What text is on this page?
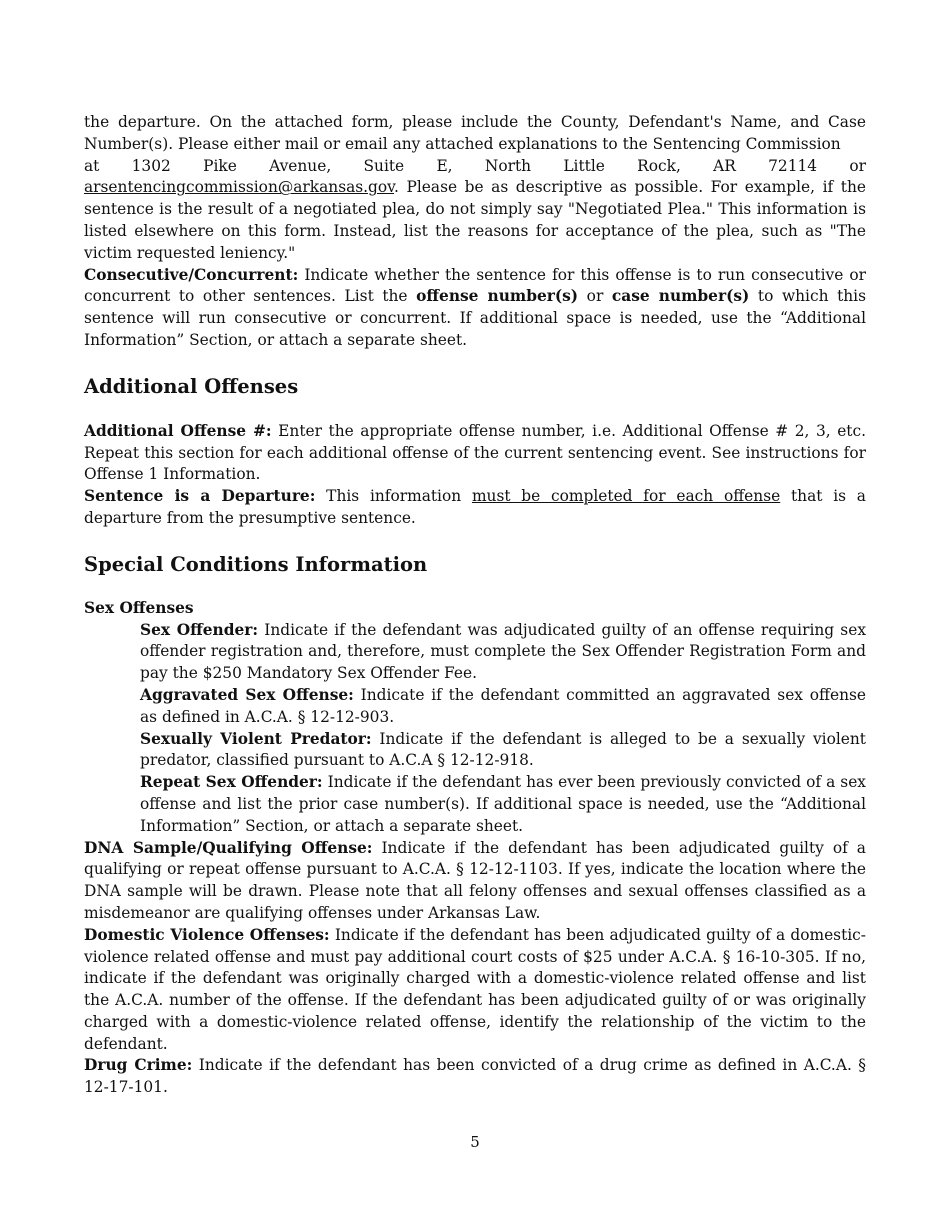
the departure. On the attached form, please include the County, Defendant's Name, and Case Number(s). Please either mail or email any attached explanations to the Sentencing Commission

at 1302 Pike Avenue, Suite E, North Little Rock, AR 72114 or

arsentencingcommission@arkansas.gov. Please be as descriptive as possible. For example, if the sentence is the result of a negotiated plea, do not simply say "Negotiated Plea." This information is listed elsewhere on this form. Instead, list the reasons for acceptance of the plea, such as "The victim requested leniency."

Consecutive/Concurrent: Indicate whether the sentence for this offense is to run consecutive or concurrent to other sentences. List the offense number(s) or case number(s) to which this sentence will run consecutive or concurrent. If additional space is needed, use the “Additional Information” Section, or attach a separate sheet.

Additional Offenses

Additional Offense #: Enter the appropriate offense number, i.e. Additional Offense # 2, 3, etc. Repeat this section for each additional offense of the current sentencing event. See instructions for Offense 1 Information.

Sentence is a Departure: This information must be completed for each offense that is a departure from the presumptive sentence.

Special Conditions Information

Sex Offenses

Sex Offender: Indicate if the defendant was adjudicated guilty of an offense requiring sex offender registration and, therefore, must complete the Sex Offender Registration Form and pay the $250 Mandatory Sex Offender Fee.

Aggravated Sex Offense: Indicate if the defendant committed an aggravated sex offense as defined in A.C.A. § 12-12-903.

Sexually Violent Predator: Indicate if the defendant is alleged to be a sexually violent predator, classified pursuant to A.C.A § 12-12-918.

Repeat Sex Offender: Indicate if the defendant has ever been previously convicted of a sex offense and list the prior case number(s). If additional space is needed, use the “Additional Information” Section, or attach a separate sheet.

DNA Sample/Qualifying Offense: Indicate if the defendant has been adjudicated guilty of a qualifying or repeat offense pursuant to A.C.A. § 12-12-1103. If yes, indicate the location where the DNA sample will be drawn. Please note that all felony offenses and sexual offenses classified as a misdemeanor are qualifying offenses under Arkansas Law.

Domestic Violence Offenses: Indicate if the defendant has been adjudicated guilty of a domestic-violence related offense and must pay additional court costs of $25 under A.C.A. § 16-10-305. If no, indicate if the defendant was originally charged with a domestic-violence related offense and list the A.C.A. number of the offense. If the defendant has been adjudicated guilty of or was originally charged with a domestic-violence related offense, identify the relationship of the victim to the defendant.

Drug Crime: Indicate if the defendant has been convicted of a drug crime as defined in A.C.A. § 12-17-101.

5
